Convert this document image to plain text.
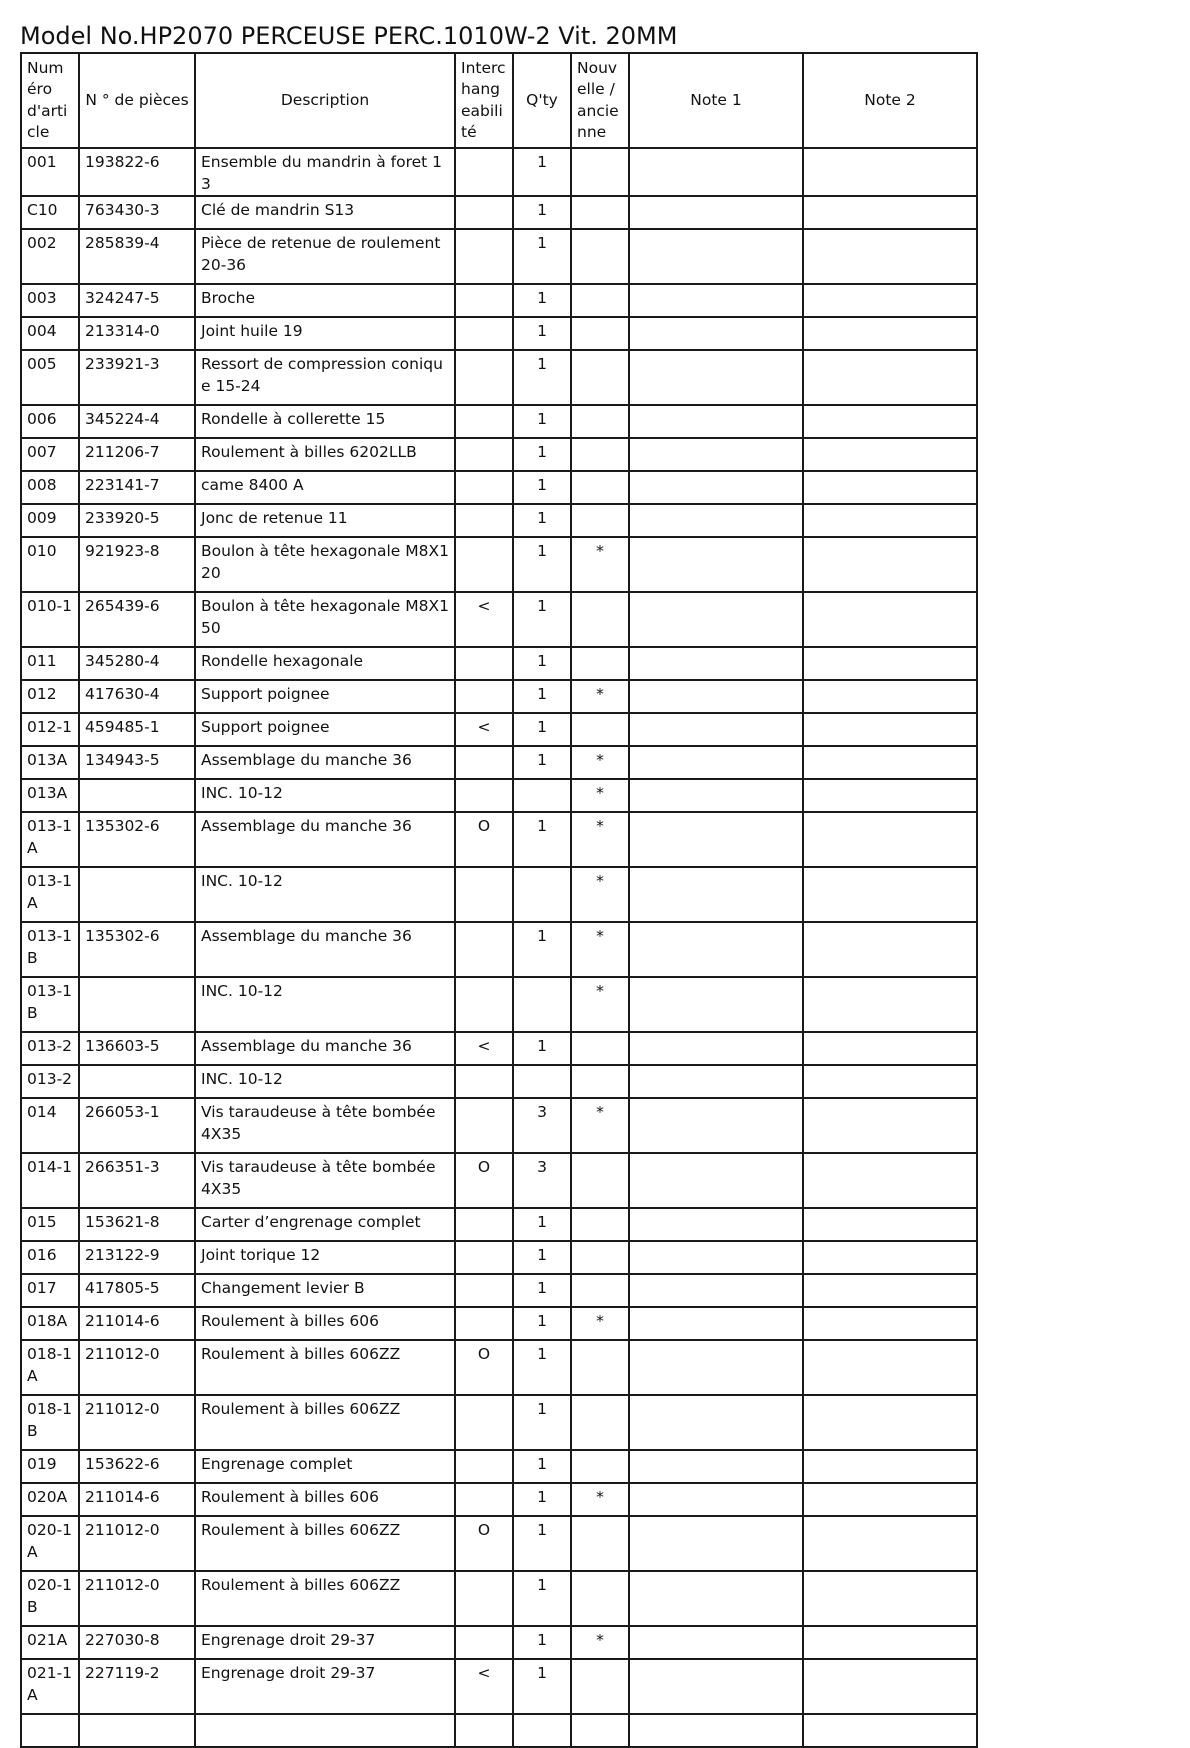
Model No.HP2070 PERCEUSE PERC.1010W-2 Vit. 20MM
Numéro d'article	N ° de pièces	Description	Interchangeabilité	Q'ty	Nouvelle / ancienne	Note 1	Note 2
001	193822-6	Ensemble du mandrin à foret 13		1			
C10	763430-3	Clé de mandrin S13		1			
002	285839-4	Pièce de retenue de roulement 20-36		1			
003	324247-5	Broche		1			
004	213314-0	Joint huile 19		1			
005	233921-3	Ressort de compression conique 15-24		1			
006	345224-4	Rondelle à collerette 15		1			
007	211206-7	Roulement à billes 6202LLB		1			
008	223141-7	came 8400 A		1			
009	233920-5	Jonc de retenue 11		1			
010	921923-8	Boulon à tête hexagonale M8X120		1	*		
010-1	265439-6	Boulon à tête hexagonale M8X150	<	1			
011	345280-4	Rondelle hexagonale		1			
012	417630-4	Support poignee		1	*		
012-1	459485-1	Support poignee	<	1			
013A	134943-5	Assemblage du manche 36		1	*		
013A		INC. 10-12			*		
013-1A	135302-6	Assemblage du manche 36	O	1	*		
013-1A		INC. 10-12			*		
013-1B	135302-6	Assemblage du manche 36		1	*		
013-1B		INC. 10-12			*		
013-2	136603-5	Assemblage du manche 36	<	1			
013-2		INC. 10-12					
014	266053-1	Vis taraudeuse à tête bombée 4X35		3	*		
014-1	266351-3	Vis taraudeuse à tête bombée 4X35	O	3			
015	153621-8	Carter d’engrenage complet		1			
016	213122-9	Joint torique 12		1			
017	417805-5	Changement levier B		1			
018A	211014-6	Roulement à billes 606		1	*		
018-1A	211012-0	Roulement à billes 606ZZ	O	1			
018-1B	211012-0	Roulement à billes 606ZZ		1			
019	153622-6	Engrenage complet		1			
020A	211014-6	Roulement à billes 606		1	*		
020-1A	211012-0	Roulement à billes 606ZZ	O	1			
020-1B	211012-0	Roulement à billes 606ZZ		1			
021A	227030-8	Engrenage droit 29-37		1	*		
021-1A	227119-2	Engrenage droit 29-37	<	1			
